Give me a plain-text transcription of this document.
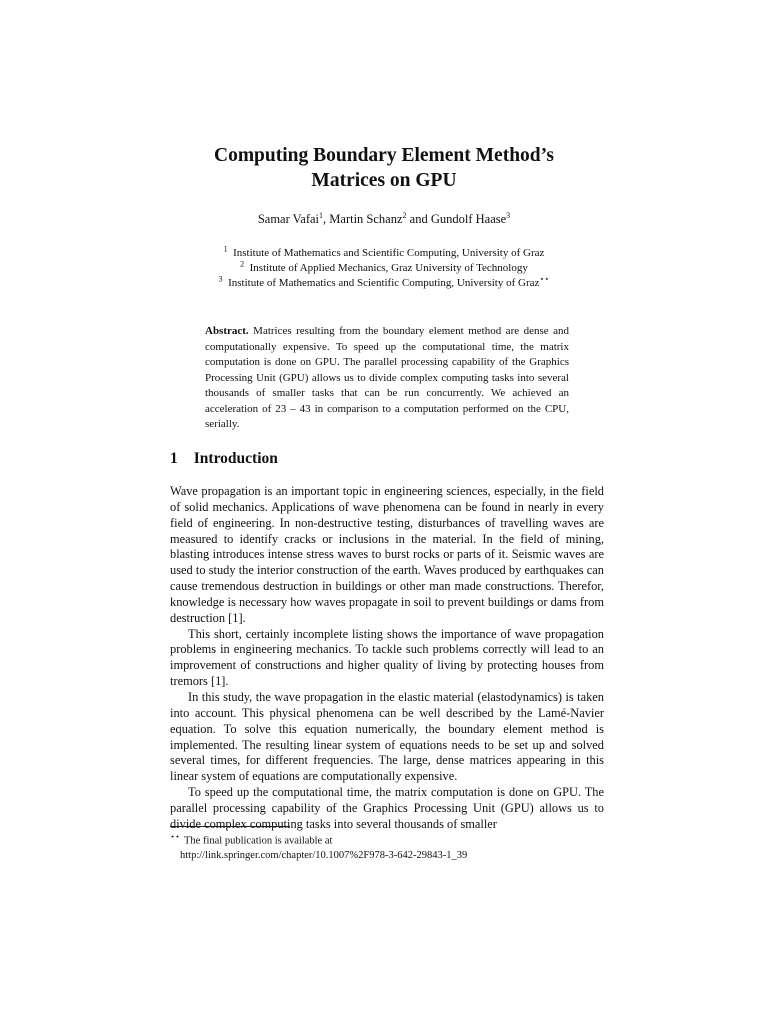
Computing Boundary Element Method’s
Matrices on GPU
Samar Vafai$^1$, Martin Schanz$^2$ and Gundolf Haase$^3$
$^1$ Institute of Mathematics and Scientific Computing, University of Graz
$^2$ Institute of Applied Mechanics, Graz University of Technology
$^3$ Institute of Mathematics and Scientific Computing, University of Graz⋆⋆
Abstract. Matrices resulting from the boundary element method are dense and computationally expensive. To speed up the computational time, the matrix computation is done on GPU. The parallel processing capability of the Graphics Processing Unit (GPU) allows us to divide complex computing tasks into several thousands of smaller tasks that can be run concurrently. We achieved an acceleration of 23 – 43 in comparison to a computation performed on the CPU, serially.
1 Introduction

Wave propagation is an important topic in engineering sciences, especially, in the field of solid mechanics. Applications of wave phenomena can be found in nearly in every field of engineering. In non-destructive testing, disturbances of travelling waves are measured to identify cracks or inclusions in the material. In the field of mining, blasting introduces intense stress waves to burst rocks or parts of it. Seismic waves are used to study the interior construction of the earth. Waves produced by earthquakes can cause tremendous destruction in buildings or other man made constructions. Therefor, knowledge is necessary how waves propagate in soil to prevent buildings or dams from destruction [1].

This short, certainly incomplete listing shows the importance of wave propagation problems in engineering mechanics. To tackle such problems correctly will lead to an improvement of constructions and higher quality of living by protecting houses from tremors [1].

In this study, the wave propagation in the elastic material (elastodynamics) is taken into account. This physical phenomena can be well described by the Lamé-Navier equation. To solve this equation numerically, the boundary element method is implemented. The resulting linear system of equations needs to be set up and solved several times, for different frequencies. The large, dense matrices appearing in this linear system of equations are computationally expensive.

To speed up the computational time, the matrix computation is done on GPU. The parallel processing capability of the Graphics Processing Unit (GPU) allows us to divide complex computing tasks into several thousands of smaller

⋆⋆ The final publication is available at
http://link.springer.com/chapter/10.1007%2F978-3-642-29843-1_39
